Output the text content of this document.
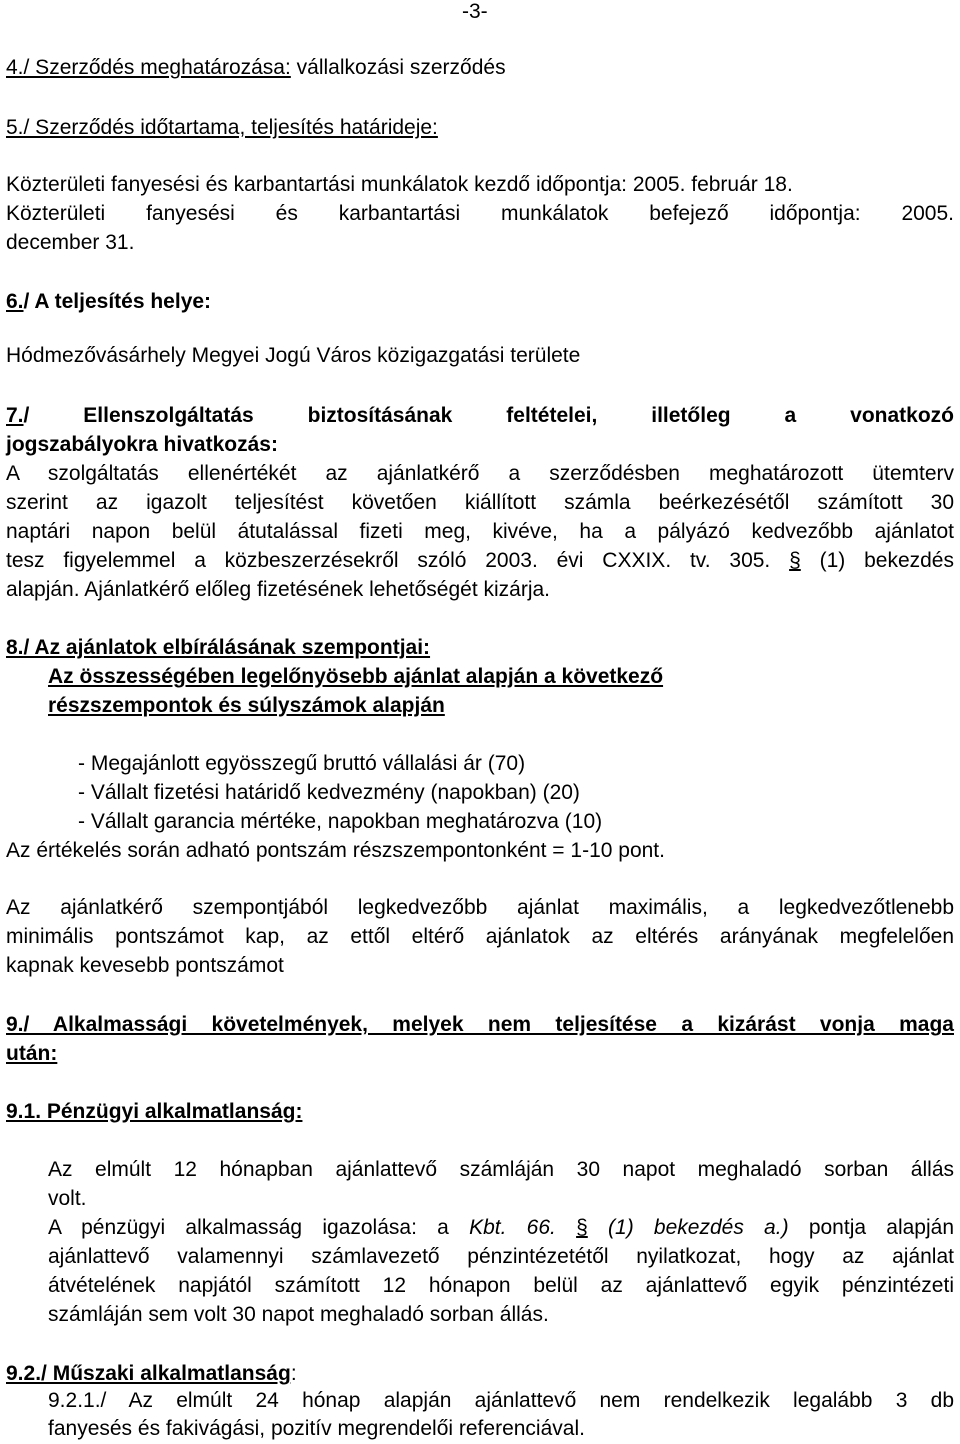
-3-
4./ Szerződés meghatározása: vállalkozási szerződés
5./ Szerződés időtartama, teljesítés határideje:
Közterületi fanyesési és karbantartási munkálatok kezdő időpontja: 2005. február 18.
Közterületi fanyesési és karbantartási munkálatok befejező időpontja: 2005.
december 31.
6./ A teljesítés helye:
Hódmezővásárhely Megyei Jogú Város közigazgatási területe
7./ Ellenszolgáltatás biztosításának feltételei, illetőleg a vonatkozó
jogszabályokra hivatkozás:
A szolgáltatás ellenértékét az ajánlatkérő a szerződésben meghatározott ütemterv
szerint az igazolt teljesítést követően kiállított számla beérkezésétől számított 30
naptári napon belül átutalással fizeti meg, kivéve, ha a pályázó kedvezőbb ajánlatot
tesz figyelemmel a közbeszerzésekről szóló 2003. évi CXXIX. tv. 305. § (1) bekezdés
alapján. Ajánlatkérő előleg fizetésének lehetőségét kizárja.
8./ Az ajánlatok elbírálásának szempontjai:
Az összességében legelőnyösebb ajánlat alapján a következő
részszempontok és súlyszámok alapján
- Megajánlott egyösszegű bruttó vállalási ár (70)
- Vállalt fizetési határidő kedvezmény (napokban) (20)
- Vállalt garancia mértéke, napokban meghatározva (10)
Az értékelés során adható pontszám részszempontonként = 1-10 pont.
Az ajánlatkérő szempontjából legkedvezőbb ajánlat maximális, a legkedvezőtlenebb
minimális pontszámot kap, az ettől eltérő ajánlatok az eltérés arányának megfelelően
kapnak kevesebb pontszámot
9./ Alkalmassági követelmények, melyek nem teljesítése a kizárást vonja maga
után:
9.1. Pénzügyi alkalmatlanság:
Az elmúlt 12 hónapban ajánlattevő számláján 30 napot meghaladó sorban állás
volt.
A pénzügyi alkalmasság igazolása: a Kbt. 66. § (1) bekezdés a.) pontja alapján
ajánlattevő valamennyi számlavezető pénzintézetétől nyilatkozat, hogy az ajánlat
átvételének napjától számított 12 hónapon belül az ajánlattevő egyik pénzintézeti
számláján sem volt 30 napot meghaladó sorban állás.
9.2./ Műszaki alkalmatlanság:
9.2.1./ Az elmúlt 24 hónap alapján ajánlattevő nem rendelkezik legalább 3 db
fanyesés és fakivágási, pozitív megrendelői referenciával.
